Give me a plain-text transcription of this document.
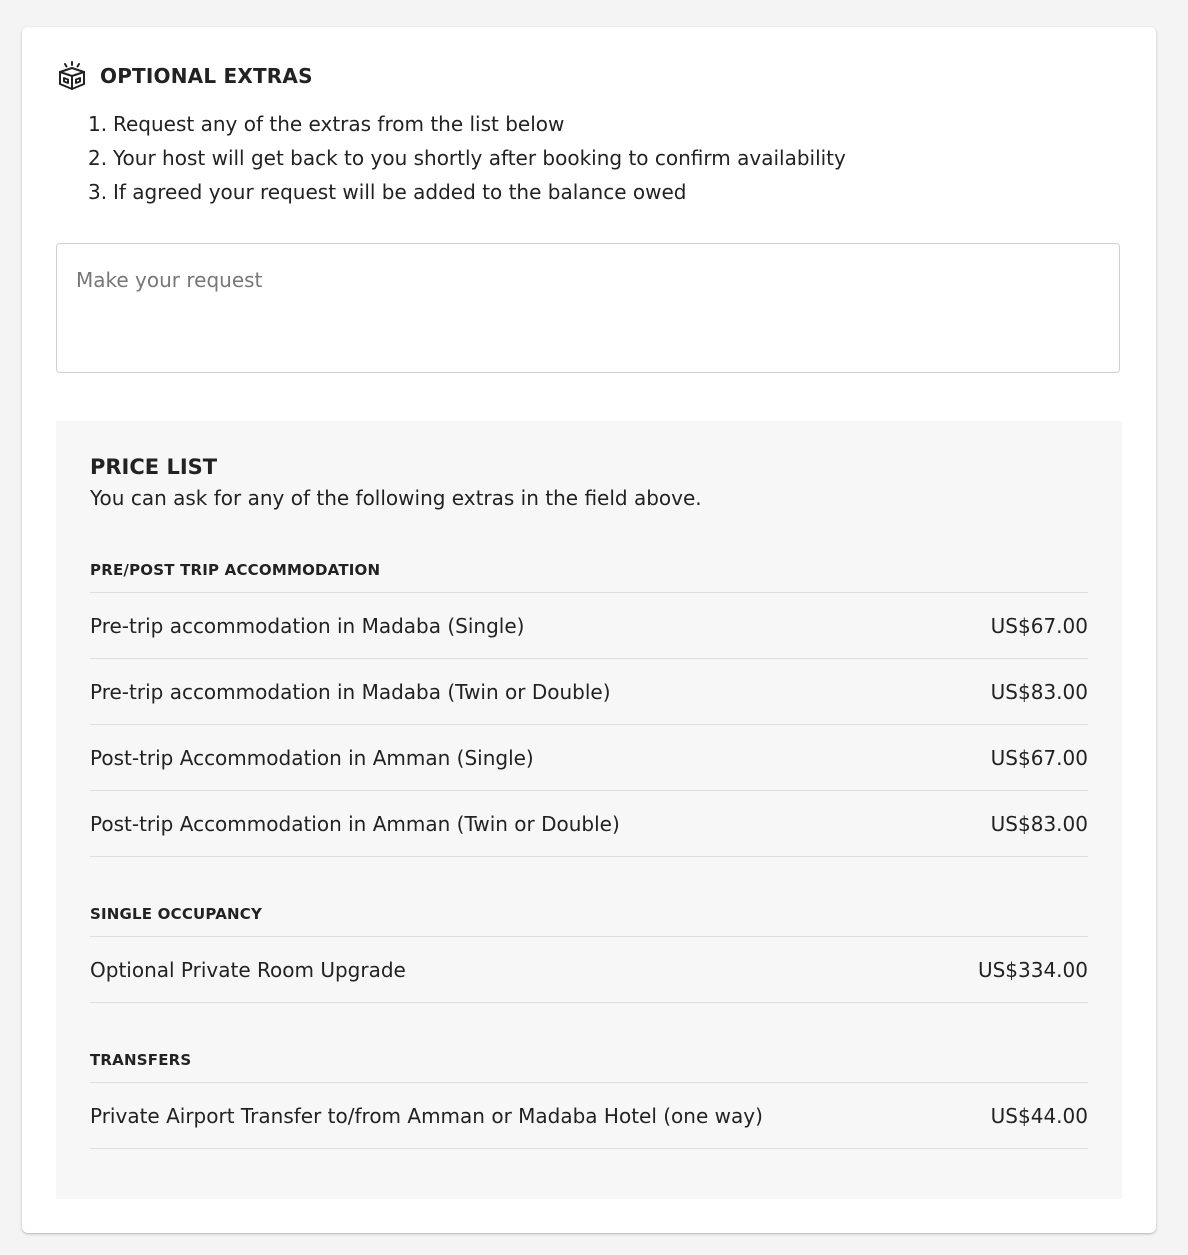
OPTIONAL EXTRAS
1. Request any of the extras from the list below
2. Your host will get back to you shortly after booking to confirm availability
3. If agreed your request will be added to the balance owed
Make your request

PRICE LIST

You can ask for any of the following extras in the field above.

PRE/POST TRIP ACCOMMODATION
Pre-trip accommodation in Madaba (Single)	US$67.00
Pre-trip accommodation in Madaba (Twin or Double)	US$83.00
Post-trip Accommodation in Amman (Single)	US$67.00
Post-trip Accommodation in Amman (Twin or Double)	US$83.00
SINGLE OCCUPANCY
Optional Private Room Upgrade	US$334.00
TRANSFERS
Private Airport Transfer to/from Amman or Madaba Hotel (one way)	US$44.00
